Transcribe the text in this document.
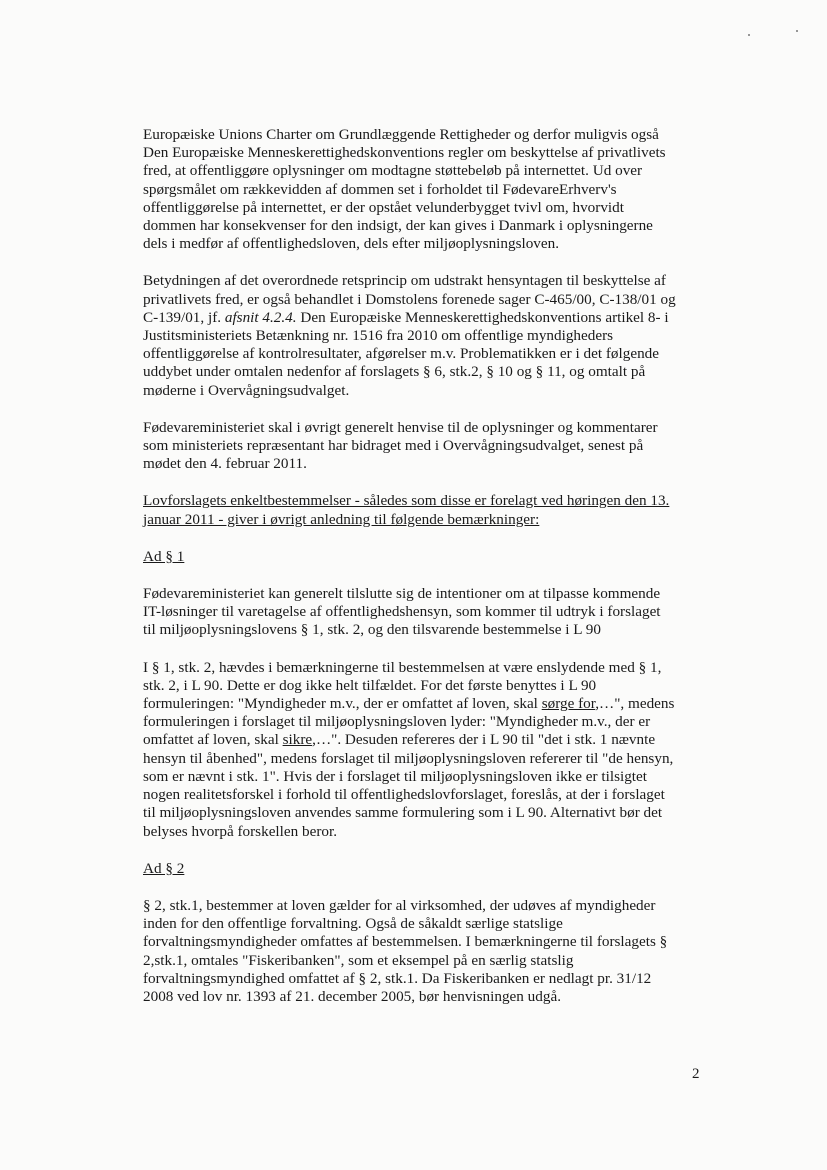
Europæiske Unions Charter om Grundlæggende Rettigheder og derfor muligvis også
Den Europæiske Menneskerettighedskonventions regler om beskyttelse af privatlivets
fred, at offentliggøre oplysninger om modtagne støttebeløb på internettet. Ud over
spørgsmålet om rækkevidden af dommen set i forholdet til FødevareErhverv's
offentliggørelse på internettet, er der opstået velunderbygget tvivl om, hvorvidt
dommen har konsekvenser for den indsigt, der kan gives i Danmark i oplysningerne
dels i medfør af offentlighedsloven, dels efter miljøoplysningsloven.

Betydningen af det overordnede retsprincip om udstrakt hensyntagen til beskyttelse af
privatlivets fred, er også behandlet i Domstolens forenede sager C-465/00, C-138/01 og
C-139/01, jf. afsnit 4.2.4. Den Europæiske Menneskerettighedskonventions artikel 8- i
Justitsministeriets Betænkning nr. 1516 fra 2010 om offentlige myndigheders
offentliggørelse af kontrolresultater, afgørelser m.v. Problematikken er i det følgende
uddybet under omtalen nedenfor af forslagets § 6, stk.2, § 10 og § 11, og omtalt på
møderne i Overvågningsudvalget.

Fødevareministeriet skal i øvrigt generelt henvise til de oplysninger og kommentarer
som ministeriets repræsentant har bidraget med i Overvågningsudvalget, senest på
mødet den 4. februar 2011.

Lovforslagets enkeltbestemmelser - således som disse er forelagt ved høringen den 13.
januar 2011 - giver i øvrigt anledning til følgende bemærkninger:

Ad § 1

Fødevareministeriet kan generelt tilslutte sig de intentioner om at tilpasse kommende
IT-løsninger til varetagelse af offentlighedshensyn, som kommer til udtryk i forslaget
til miljøoplysningslovens § 1, stk. 2, og den tilsvarende bestemmelse i L 90

I § 1, stk. 2, hævdes i bemærkningerne til bestemmelsen at være enslydende med § 1,
stk. 2, i L 90. Dette er dog ikke helt tilfældet. For det første benyttes i L 90
formuleringen: "Myndigheder m.v., der er omfattet af loven, skal sørge for,…", medens
formuleringen i forslaget til miljøoplysningsloven lyder: "Myndigheder m.v., der er
omfattet af loven, skal sikre,…". Desuden refereres der i L 90 til "det i stk. 1 nævnte
hensyn til åbenhed", medens forslaget til miljøoplysningsloven refererer til "de hensyn,
som er nævnt i stk. 1". Hvis der i forslaget til miljøoplysningsloven ikke er tilsigtet
nogen realitetsforskel i forhold til offentlighedslovforslaget, foreslås, at der i forslaget
til miljøoplysningsloven anvendes samme formulering som i L 90. Alternativt bør det
belyses hvorpå forskellen beror.

Ad § 2

§ 2, stk.1, bestemmer at loven gælder for al virksomhed, der udøves af myndigheder
inden for den offentlige forvaltning. Også de såkaldt særlige statslige
forvaltningsmyndigheder omfattes af bestemmelsen. I bemærkningerne til forslagets §
2,stk.1, omtales "Fiskeribanken", som et eksempel på en særlig statslig
forvaltningsmyndighed omfattet af § 2, stk.1. Da Fiskeribanken er nedlagt pr. 31/12
2008 ved lov nr. 1393 af 21. december 2005, bør henvisningen udgå.

2
